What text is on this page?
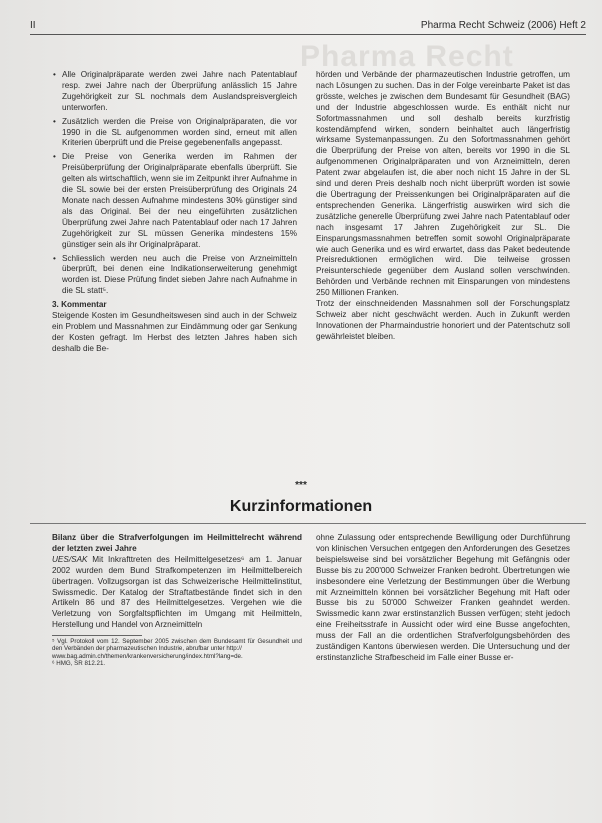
II	Pharma Recht Schweiz (2006) Heft 2
Pharma Recht
• Alle Originalpräparate werden zwei Jahre nach Patentablauf resp. zwei Jahre nach der Überprüfung anlässlich 15 Jahre Zugehörigkeit zur SL nochmals dem Auslandspreisvergleich unterworfen.
• Zusätzlich werden die Preise von Originalpräparaten, die vor 1990 in die SL aufgenommen worden sind, erneut mit allen Kriterien überprüft und die Preise gegebenenfalls angepasst.
• Die Preise von Generika werden im Rahmen der Preisüberprüfung der Originalpräparate ebenfalls überprüft. Sie gelten als wirtschaftlich, wenn sie im Zeitpunkt ihrer Aufnahme in die SL sowie bei der ersten Preisüberprüfung des Originals 24 Monate nach dessen Aufnahme mindestens 30% günstiger sind als das Original. Bei der neu eingeführten zusätzlichen Überprüfung zwei Jahre nach Patentablauf oder nach 17 Jahren Zugehörigkeit zur SL müssen Generika mindestens 15% günstiger sein als ihr Originalpräparat.
• Schliesslich werden neu auch die Preise von Arzneimitteln überprüft, bei denen eine Indikationserweiterung genehmigt worden ist. Diese Prüfung findet sieben Jahre nach Aufnahme in die SL statt⁵.

3. Kommentar

Steigende Kosten im Gesundheitswesen sind auch in der Schweiz ein Problem und Massnahmen zur Eindämmung oder gar Senkung der Kosten gefragt. Im Herbst des letzten Jahres haben sich deshalb die Be-

hörden und Verbände der pharmazeutischen Industrie getroffen, um nach Lösungen zu suchen. Das in der Folge vereinbarte Paket ist das grösste, welches je zwischen dem Bundesamt für Gesundheit (BAG) und der Industrie abgeschlossen wurde. Es enthält nicht nur Sofortmassnahmen und soll deshalb bereits kurzfristig kostendämpfend wirken, sondern beinhaltet auch längerfristig wirksame Systemanpassungen. Zu den Sofortmassnahmen gehört die Überprüfung der Preise von alten, bereits vor 1990 in die SL aufgenommenen Originalpräparaten und von Arzneimitteln, deren Patent zwar abgelaufen ist, die aber noch nicht 15 Jahre in der SL sind und deren Preis deshalb noch nicht überprüft worden ist sowie die Übertragung der Preissenkungen bei Originalpräparaten auf die entsprechenden Generika. Längerfristig auswirken wird sich die zusätzliche generelle Überprüfung zwei Jahre nach Patentablauf oder nach insgesamt 17 Jahren Zugehörigkeit zur SL. Die Einsparungsmassnahmen betreffen somit sowohl Originalpräparate wie auch Generika und es wird erwartet, dass das Paket bedeutende Preisreduktionen ermöglichen wird. Die teilweise grossen Preisunterschiede gegenüber dem Ausland sollen verschwinden. Behörden und Verbände rechnen mit Einsparungen von mindestens 250 Millionen Franken.

Trotz der einschneidenden Massnahmen soll der Forschungsplatz Schweiz aber nicht geschwächt werden. Auch in Zukunft werden Innovationen der Pharmaindustrie honoriert und der Patentschutz soll gewährleistet bleiben.

***
Kurzinformationen

Bilanz über die Strafverfolgungen im Heilmittelrecht während der letzten zwei Jahre

UES/SAK Mit Inkrafttreten des Heilmittelgesetzes⁶ am 1. Januar 2002 wurden dem Bund Strafkompetenzen im Heilmittelbereich übertragen. Vollzugsorgan ist das Schweizerische Heilmittelinstitut, Swissmedic. Der Katalog der Straftatbestände findet sich in den Artikeln 86 und 87 des Heilmittelgesetzes. Vergehen wie die Verletzung von Sorgfaltspflichten im Umgang mit Heilmitteln, Herstellung und Handel von Arzneimitteln

⁵ Vgl. Protokoll vom 12. September 2005 zwischen dem Bundesamt für Gesundheit und den Verbänden der pharmazeutischen Industrie, abrufbar unter http://

www.bag.admin.ch/themen/krankenversicherung/index.html?lang=de.

⁶ HMG, SR 812.21.

ohne Zulassung oder entsprechende Bewilligung oder Durchführung von klinischen Versuchen entgegen den Anforderungen des Gesetzes beispielsweise sind bei vorsätzlicher Begehung mit Gefängnis oder Busse bis zu 200'000 Schweizer Franken bedroht. Übertretungen wie insbesondere eine Verletzung der Bestimmungen über die Werbung mit Arzneimitteln können bei vorsätzlicher Begehung mit Haft oder Busse bis zu 50'000 Schweizer Franken geahndet werden. Swissmedic kann zwar erstinstanzlich Bussen verfügen; steht jedoch eine Freiheitsstrafe in Aussicht oder wird eine Busse angefochten, muss der Fall an die ordentlichen Strafverfolgungsbehörden des zuständigen Kantons überwiesen werden. Die Untersuchung und der erstinstanzliche Strafbescheid im Falle einer Busse er-
